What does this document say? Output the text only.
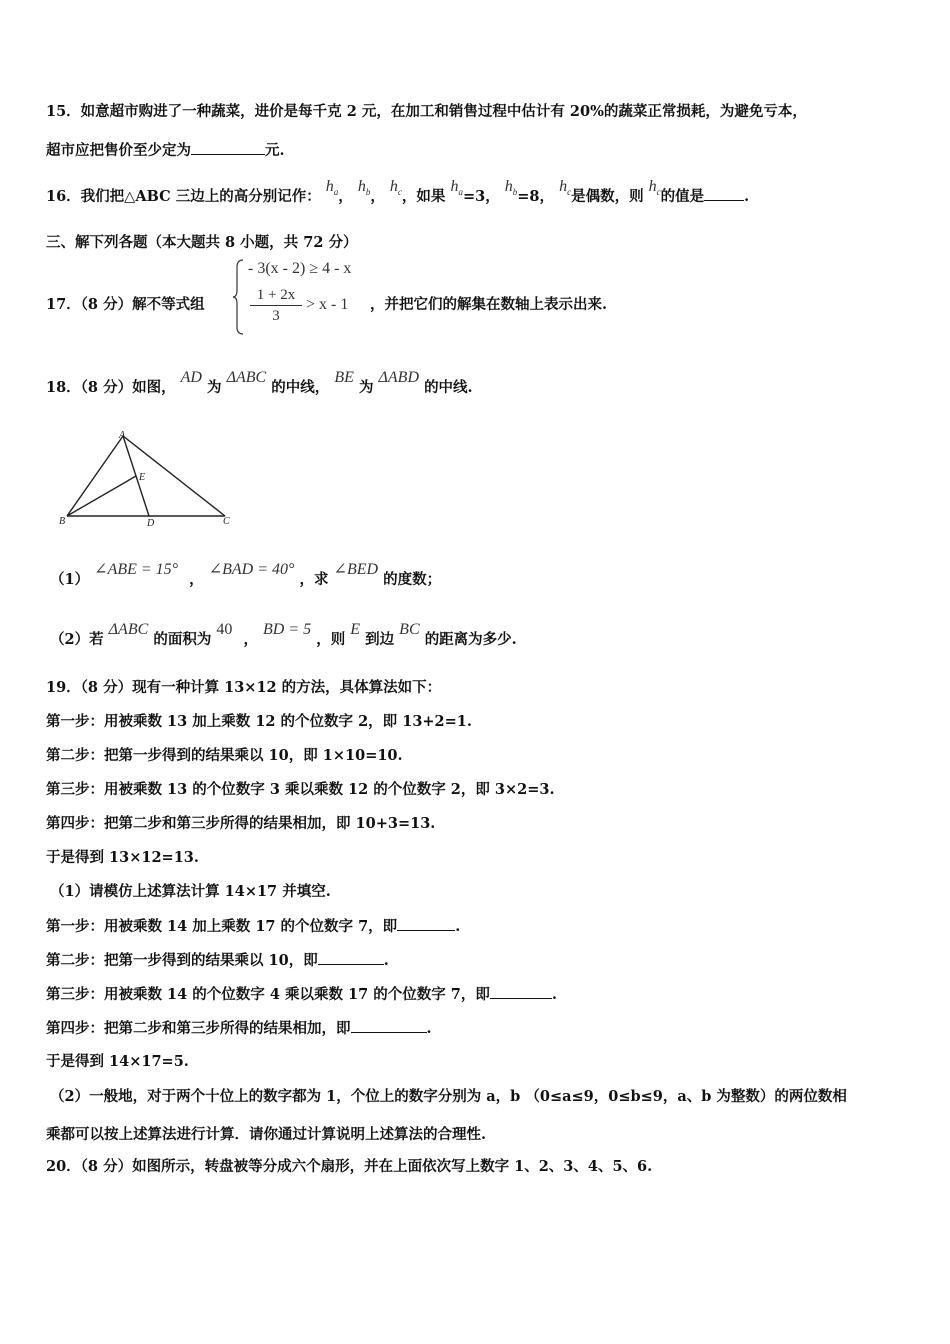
15．如意超市购进了一种蔬菜，进价是每千克 2 元，在加工和销售过程中估计有 20%的蔬菜正常损耗，为避免亏本，
超市应把售价至少定为	元.
16．我们把△ABC 三边上的高分别记作： $h_a$， $h_b$， $h_c$，如果 $h_a=3$， $h_b=8$， $h_c$是偶数，则 $h_c$的值是	.
三、解下列各题（本大题共 8 小题，共 72 分）
17．（8 分）解不等式组
- 3(x - 2) ≥ 4 - x
1 + 2x
3
> x - 1 ，并把它们的解集在数轴上表示出来.
18．（8 分）如图， AD 为 ΔABC 的中线， BE 为 ΔABD 的中线.
A
B	C
D
E
（1） ∠ABE = 15° ， ∠BAD = 40° ，求 ∠BED 的度数；
（2）若 ΔABC 的面积为 40 ， BD = 5 ，则 E 到边 BC 的距离为多少.
19．（8 分）现有一种计算 13×12 的方法，具体算法如下：
第一步：用被乘数 13 加上乘数 12 的个位数字 2，即 13+2=1.
第二步：把第一步得到的结果乘以 10，即 1×10=10.
第三步：用被乘数 13 的个位数字 3 乘以乘数 12 的个位数字 2，即 3×2=3.
第四步：把第二步和第三步所得的结果相加，即 10+3=13.
于是得到 13×12=13.
（1）请模仿上述算法计算 14×17 并填空.
第一步：用被乘数 14 加上乘数 17 的个位数字 7，即	.
第二步：把第一步得到的结果乘以 10，即	.
第三步：用被乘数 14 的个位数字 4 乘以乘数 17 的个位数字 7，即	.
第四步：把第二步和第三步所得的结果相加，即	.
于是得到 14×17=5.
（2）一般地，对于两个十位上的数字都为 1，个位上的数字分别为 a，b （0≤a≤9，0≤b≤9，a、b 为整数）的两位数相
乘都可以按上述算法进行计算．请你通过计算说明上述算法的合理性.
20．（8 分）如图所示，转盘被等分成六个扇形，并在上面依次写上数字 1、2、3、4、5、6.
